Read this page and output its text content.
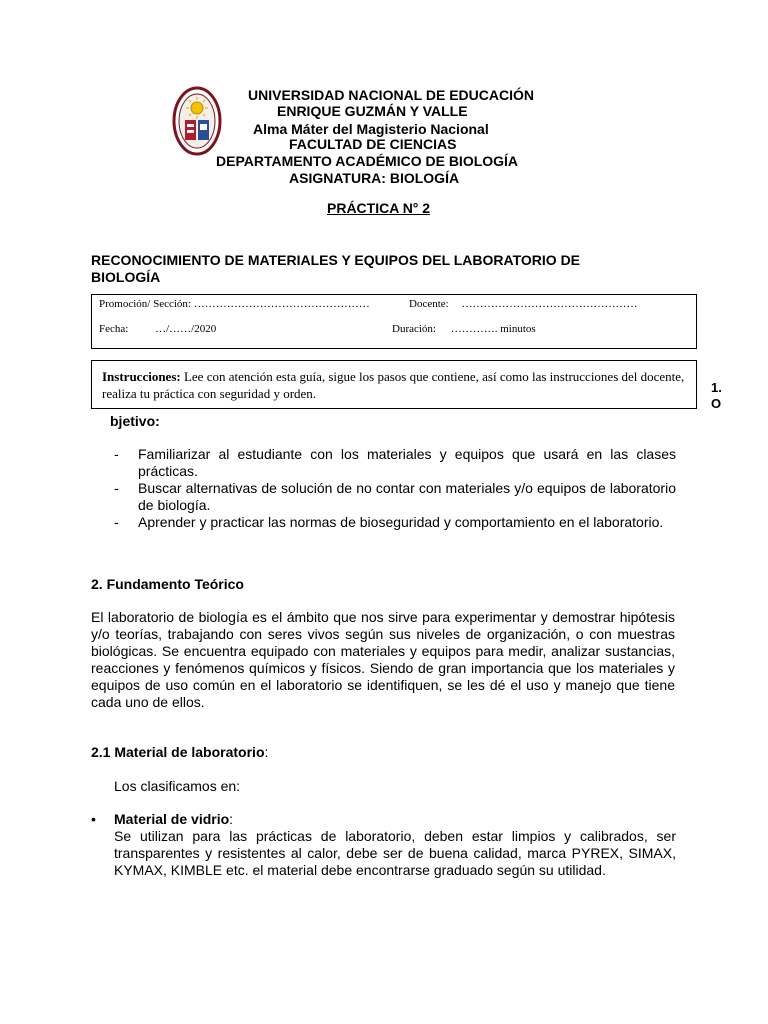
UNIVERSIDAD NACIONAL DE EDUCACIÓN
ENRIQUE GUZMÁN Y VALLE
Alma Máter del Magisterio Nacional
FACULTAD DE CIENCIAS
DEPARTAMENTO ACADÉMICO DE BIOLOGÍA
ASIGNATURA: BIOLOGÍA
PRÁCTICA N° 2
RECONOCIMIENTO DE MATERIALES Y EQUIPOS DEL LABORATORIO DE
BIOLOGÍA
Promoción/ Sección: …………………………………………	Docente: …………………………………………
Fecha: …/……/2020	Duración: …………. minutos
Instrucciones: Lee con atención esta guía, sigue los pasos que contiene, así como las instrucciones del docente, realiza tu práctica con seguridad y orden.	1.
O
bjetivo:
-	Familiarizar al estudiante con los materiales y equipos que usará en las clases prácticas.
-	Buscar alternativas de solución de no contar con materiales y/o equipos de laboratorio de biología.
-	Aprender y practicar las normas de bioseguridad y comportamiento en el laboratorio.
2. Fundamento Teórico
El laboratorio de biología es el ámbito que nos sirve para experimentar y demostrar hipótesis y/o teorías, trabajando con seres vivos según sus niveles de organización, o con muestras biológicas. Se encuentra equipado con materiales y equipos para medir, analizar sustancias, reacciones y fenómenos químicos y físicos. Siendo de gran importancia que los materiales y equipos de uso común en el laboratorio se identifiquen, se les dé el uso y manejo que tiene cada uno de ellos.
2.1 Material de laboratorio:
Los clasificamos en:
• Material de vidrio:
Se utilizan para las prácticas de laboratorio, deben estar limpios y calibrados, ser transparentes y resistentes al calor, debe ser de buena calidad, marca PYREX, SIMAX, KYMAX, KIMBLE etc. el material debe encontrarse graduado según su utilidad.
